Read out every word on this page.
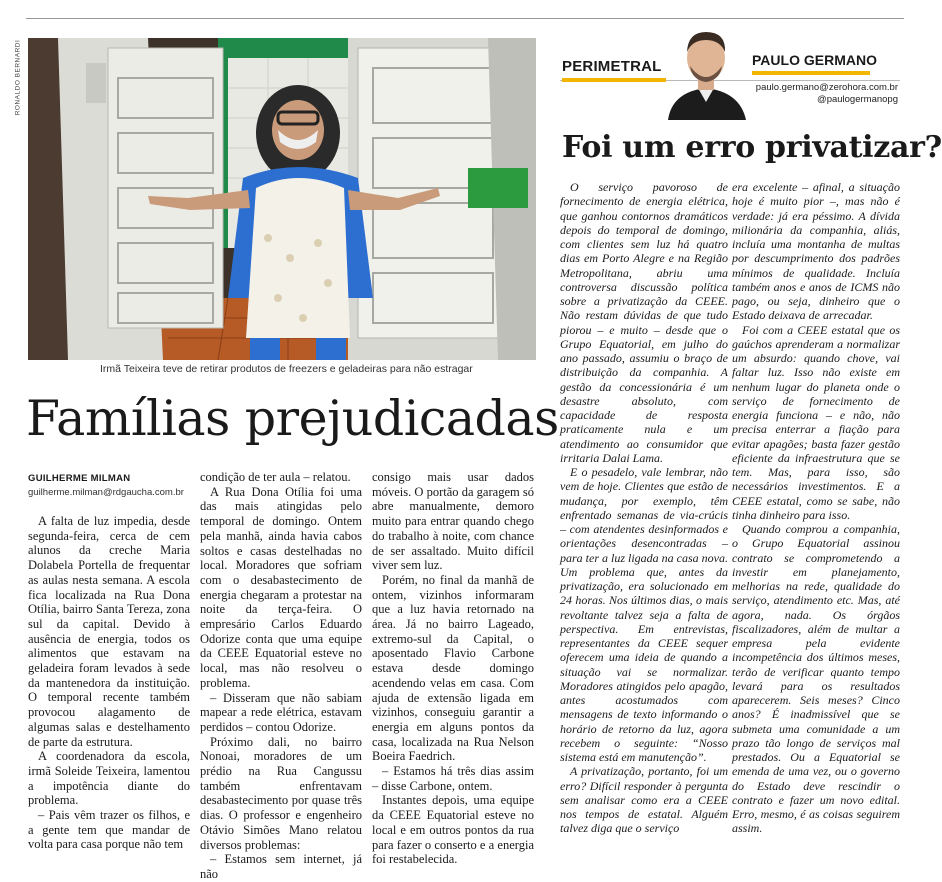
RONALDO BERNARDI
Irmã Teixeira teve de retirar produtos de freezers e geladeiras para não estragar
Famílias prejudicadas
GUILHERME MILMAN
guilherme.milman@rdgaucha.com.br

A falta de luz impedia, desde segunda-feira, cerca de cem alunos da creche Maria Dolabela Portella de frequentar as aulas nesta semana. A escola fica localizada na Rua Dona Otília, bairro Santa Tereza, zona sul da capital. Devido à ausência de energia, todos os alimentos que estavam na geladeira foram levados à sede da mantenedora da instituição. O temporal recente também provocou alagamento de algumas salas e destelhamento de parte da estrutura.

A coordenadora da escola, irmã Soleide Teixeira, lamentou a impotência diante do problema.

– Pais vêm trazer os filhos, e a gente tem que mandar de volta para casa porque não tem

condição de ter aula – relatou.

A Rua Dona Otília foi uma das mais atingidas pelo temporal de domingo. Ontem pela manhã, ainda havia cabos soltos e casas destelhadas no local. Moradores que sofriam com o desabastecimento de energia chegaram a protestar na noite da terça-feira. O empresário Carlos Eduardo Odorize conta que uma equipe da CEEE Equatorial esteve no local, mas não resolveu o problema.

– Disseram que não sabiam mapear a rede elétrica, estavam perdidos – contou Odorize.

Próximo dali, no bairro Nonoai, moradores de um prédio na Rua Cangussu também enfrentavam desabastecimento por quase três dias. O professor e engenheiro Otávio Simões Mano relatou diversos problemas:

– Estamos sem internet, já não

consigo mais usar dados móveis. O portão da garagem só abre manualmente, demoro muito para entrar quando chego do trabalho à noite, com chance de ser assaltado. Muito difícil viver sem luz.

Porém, no final da manhã de ontem, vizinhos informaram que a luz havia retornado na área. Já no bairro Lageado, extremo-sul da Capital, o aposentado Flavio Carbone estava desde domingo acendendo velas em casa. Com ajuda de extensão ligada em vizinhos, conseguiu garantir a energia em alguns pontos da casa, localizada na Rua Nelson Boeira Faedrich.

– Estamos há três dias assim – disse Carbone, ontem.

Instantes depois, uma equipe da CEEE Equatorial esteve no local e em outros pontos da rua para fazer o conserto e a energia foi restabelecida.

PERIMETRAL	PAULO GERMANO
paulo.germano@zerohora.com.br
@paulogermanopg
Foi um erro privatizar?

O serviço pavoroso de fornecimento de energia elétrica, que ganhou contornos dramáticos depois do temporal de domingo, com clientes sem luz há quatro dias em Porto Alegre e na Região Metropolitana, abriu uma controversa discussão política sobre a privatização da CEEE. Não restam dúvidas de que tudo piorou – e muito – desde que o Grupo Equatorial, em julho do ano passado, assumiu o braço de distribuição da companhia. A gestão da concessionária é um desastre absoluto, com capacidade de resposta praticamente nula e um atendimento ao consumidor que irritaria Dalai Lama.

E o pesadelo, vale lembrar, não vem de hoje. Clientes que estão de mudança, por exemplo, têm enfrentado semanas de via-crúcis – com atendentes desinformados e orientações desencontradas – para ter a luz ligada na casa nova. Um problema que, antes da privatização, era solucionado em 24 horas. Nos últimos dias, o mais revoltante talvez seja a falta de perspectiva. Em entrevistas, representantes da CEEE sequer oferecem uma ideia de quando a situação vai se normalizar. Moradores atingidos pelo apagão, antes acostumados com mensagens de texto informando o horário de retorno da luz, agora recebem o seguinte: “Nosso sistema está em manutenção”.

A privatização, portanto, foi um erro? Difícil responder à pergunta sem analisar como era a CEEE nos tempos de estatal. Alguém talvez diga que o serviço

era excelente – afinal, a situação hoje é muito pior –, mas não é verdade: já era péssimo. A dívida milionária da companhia, aliás, incluía uma montanha de multas por descumprimento dos padrões mínimos de qualidade. Incluía também anos e anos de ICMS não pago, ou seja, dinheiro que o Estado deixava de arrecadar.

Foi com a CEEE estatal que os gaúchos aprenderam a normalizar um absurdo: quando chove, vai faltar luz. Isso não existe em nenhum lugar do planeta onde o serviço de fornecimento de energia funciona – e não, não precisa enterrar a fiação para evitar apagões; basta fazer gestão eficiente da infraestrutura que se tem. Mas, para isso, são necessários investimentos. E a CEEE estatal, como se sabe, não tinha dinheiro para isso.

Quando comprou a companhia, o Grupo Equatorial assinou contrato se comprometendo a investir em planejamento, melhorias na rede, qualidade do serviço, atendimento etc. Mas, até agora, nada. Os órgãos fiscalizadores, além de multar a empresa pela evidente incompetência dos últimos meses, terão de verificar quanto tempo levará para os resultados aparecerem. Seis meses? Cinco anos? É inadmissível que se submeta uma comunidade a um prazo tão longo de serviços mal prestados. Ou a Equatorial se emenda de uma vez, ou o governo do Estado deve rescindir o contrato e fazer um novo edital. Erro, mesmo, é as coisas seguirem assim.
